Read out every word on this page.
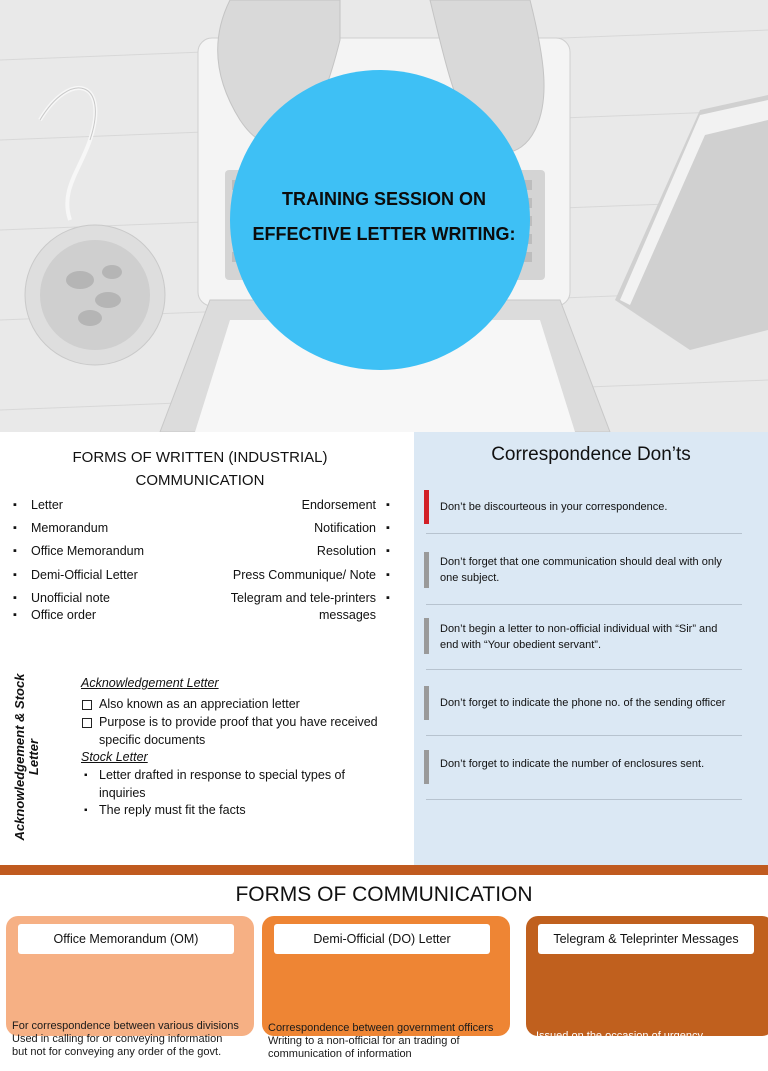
TRAINING SESSION ON
EFFECTIVE LETTER WRITING:
FORMS OF WRITTEN (INDUSTRIAL)
COMMUNICATION
▪ Letter
▪ Memorandum
▪ Office Memorandum
▪ Demi-Official Letter
▪ Unofficial note
▪ Office order
Endorsement
Notification
Resolution
Press Communique/ Note
Telegram and tele-printers
messages
▪
▪
▪
▪
▪
Acknowledgement & Stock Letter
Acknowledgement Letter
Also known as an appreciation letter
Purpose is to provide proof that you have received
specific documents
Stock Letter
▪ Letter drafted in response to special types of
inquiries
▪ The reply must fit the facts
Correspondence Don’ts
Don’t be discourteous in your correspondence.
Don’t forget that one communication should deal with only
one subject.
Don’t begin a letter to non-official individual with “Sir” and
end with “Your obedient servant”.
Don’t forget to indicate the phone no. of the sending officer
Don’t forget to indicate the number of enclosures sent.
FORMS OF COMMUNICATION
Office Memorandum (OM)
For correspondence between various divisions
Used in calling for or conveying information
but not for conveying any order of the govt.
Demi-Official (DO) Letter
Correspondence between government officers
Writing to a non-official for an trading of
communication of information
Telegram & Teleprinter Messages
Issued on the occasion of urgency
Should not be issued when an `Express
Letter’ or `Letter with an urgency
